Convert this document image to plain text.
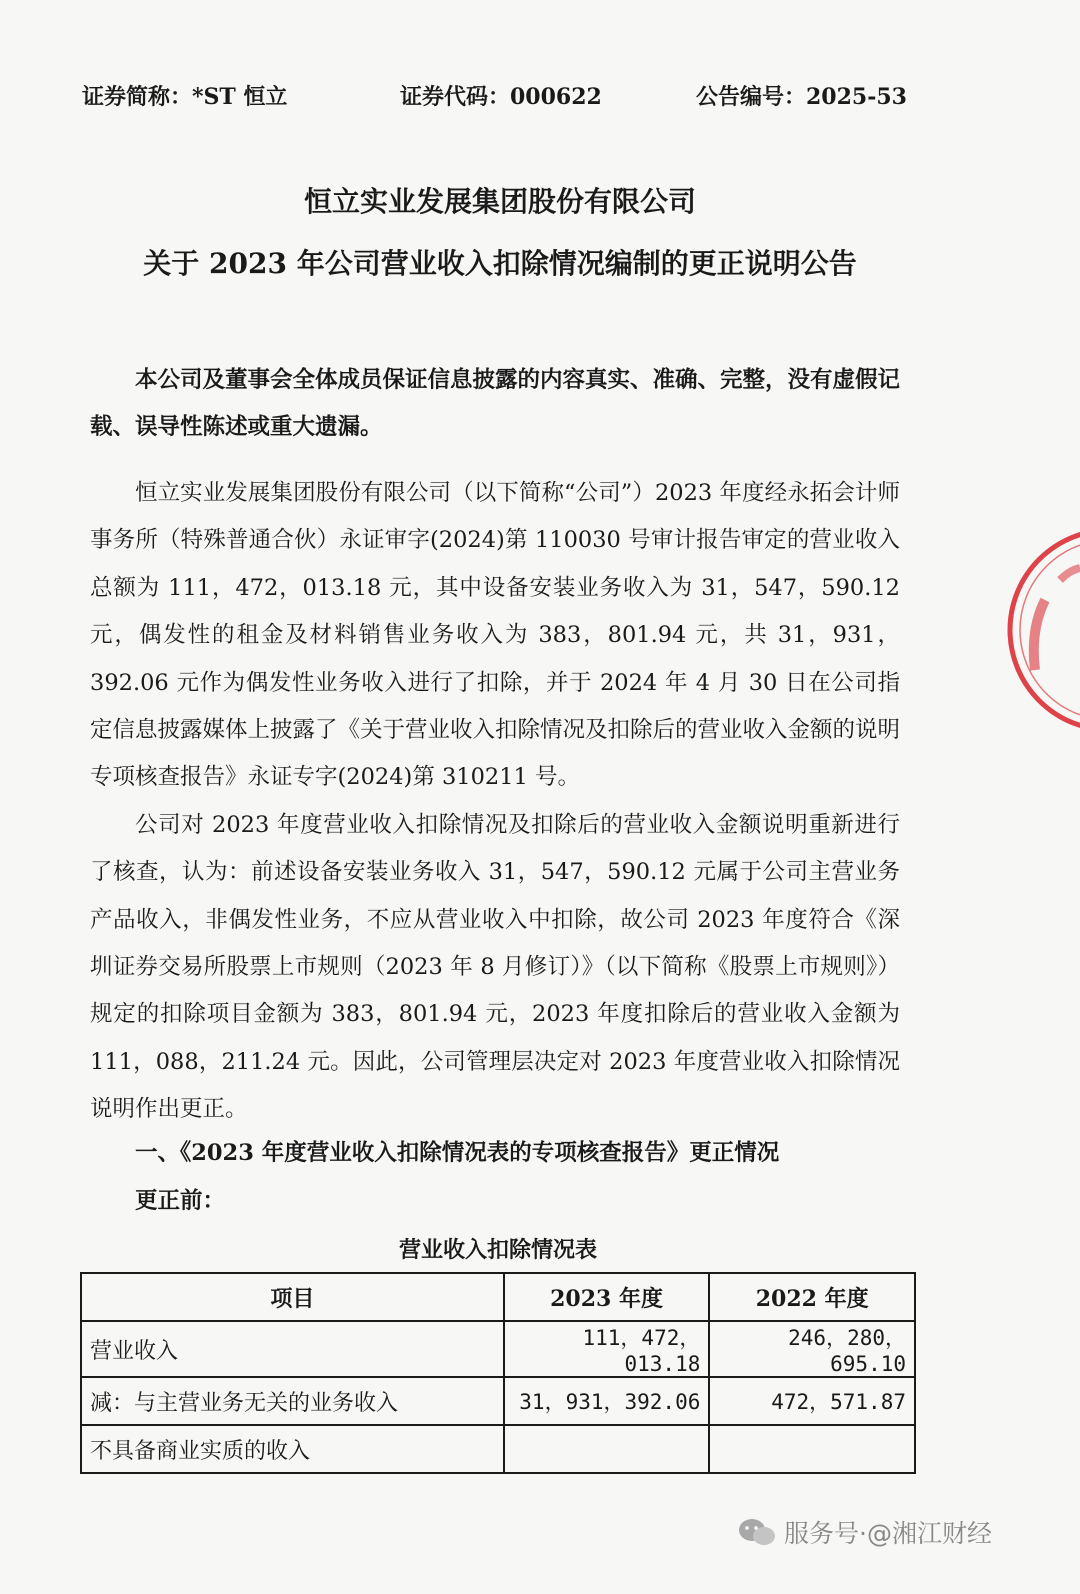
证券简称：*ST 恒立	证券代码：000622	公告编号：2025-53
恒立实业发展集团股份有限公司
关于 2023 年公司营业收入扣除情况编制的更正说明公告

本公司及董事会全体成员保证信息披露的内容真实、准确、完整，没有虚假记载、误导性陈述或重大遗漏。

恒立实业发展集团股份有限公司（以下简称“公司”）2023 年度经永拓会计师事务所（特殊普通合伙）永证审字(2024)第 110030 号审计报告审定的营业收入总额为 111，472，013.18 元，其中设备安装业务收入为 31，547，590.12 元，偶发性的租金及材料销售业务收入为 383，801.94 元，共 31，931，392.06 元作为偶发性业务收入进行了扣除，并于 2024 年 4 月 30 日在公司指定信息披露媒体上披露了《关于营业收入扣除情况及扣除后的营业收入金额的说明专项核查报告》永证专字(2024)第 310211 号。

公司对 2023 年度营业收入扣除情况及扣除后的营业收入金额说明重新进行了核查，认为：前述设备安装业务收入 31，547，590.12 元属于公司主营业务产品收入，非偶发性业务，不应从营业收入中扣除，故公司 2023 年度符合《深圳证券交易所股票上市规则（2023 年 8 月修订）》（以下简称《股票上市规则》）规定的扣除项目金额为 383，801.94 元，2023 年度扣除后的营业收入金额为 111，088，211.24 元。因此，公司管理层决定对 2023 年度营业收入扣除情况说明作出更正。

一、《2023 年度营业收入扣除情况表的专项核查报告》更正情况
更正前：
营业收入扣除情况表
项目	2023 年度	2022 年度
营业收入	111，472，013.18	246，280，695.10
减：与主营业务无关的业务收入	31，931，392.06	472，571.87
不具备商业实质的收入		
服务号·@湘江财经
